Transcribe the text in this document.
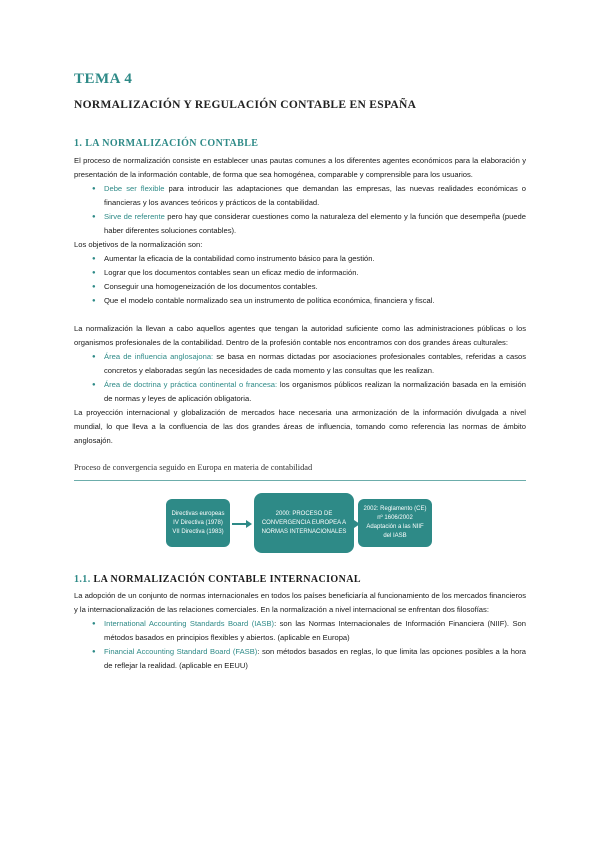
TEMA 4
NORMALIZACIÓN Y REGULACIÓN CONTABLE EN ESPAÑA
1. LA NORMALIZACIÓN CONTABLE

El proceso de normalización consiste en establecer unas pautas comunes a los diferentes agentes económicos para la elaboración y presentación de la información contable, de forma que sea homogénea, comparable y comprensible para los usuarios.

● Debe ser flexible para introducir las adaptaciones que demandan las empresas, las nuevas realidades económicas o financieras y los avances teóricos y prácticos de la contabilidad.
● Sirve de referente pero hay que considerar cuestiones como la naturaleza del elemento y la función que desempeña (puede haber diferentes soluciones contables).

Los objetivos de la normalización son:

● Aumentar la eficacia de la contabilidad como instrumento básico para la gestión.
● Lograr que los documentos contables sean un eficaz medio de información.
● Conseguir una homogeneización de los documentos contables.
● Que el modelo contable normalizado sea un instrumento de política económica, financiera y fiscal.

La normalización la llevan a cabo aquellos agentes que tengan la autoridad suficiente como las administraciones públicas o los organismos profesionales de la contabilidad. Dentro de la profesión contable nos encontramos con dos grandes áreas culturales:

● Área de influencia anglosajona: se basa en normas dictadas por asociaciones profesionales contables, referidas a casos concretos y elaboradas según las necesidades de cada momento y las consultas que les realizan.
● Área de doctrina y práctica continental o francesa: los organismos públicos realizan la normalización basada en la emisión de normas y leyes de aplicación obligatoria.

La proyección internacional y globalización de mercados hace necesaria una armonización de la información divulgada a nivel mundial, lo que lleva a la confluencia de las dos grandes áreas de influencia, tomando como referencia las normas de ámbito anglosajón.

Proceso de convergencia seguido en Europa en materia de contabilidad
Directivas europeas IV Directiva (1978) VII Directiva (1983)
2000: PROCESO DE CONVERGENCIA EUROPEA A NORMAS INTERNACIONALES
2002: Reglamento (CE) nº 1606/2002 Adaptación a las NIIF del IASB
1.1. LA NORMALIZACIÓN CONTABLE INTERNACIONAL

La adopción de un conjunto de normas internacionales en todos los países beneficiaría al funcionamiento de los mercados financieros y la internacionalización de las relaciones comerciales. En la normalización a nivel internacional se enfrentan dos filosofías:

● International Accounting Standards Board (IASB): son las Normas Internacionales de Información Financiera (NIIF). Son métodos basados en principios flexibles y abiertos. (aplicable en Europa)
● Financial Accounting Standard Board (FASB): son métodos basados en reglas, lo que limita las opciones posibles a la hora de reflejar la realidad. (aplicable en EEUU)
